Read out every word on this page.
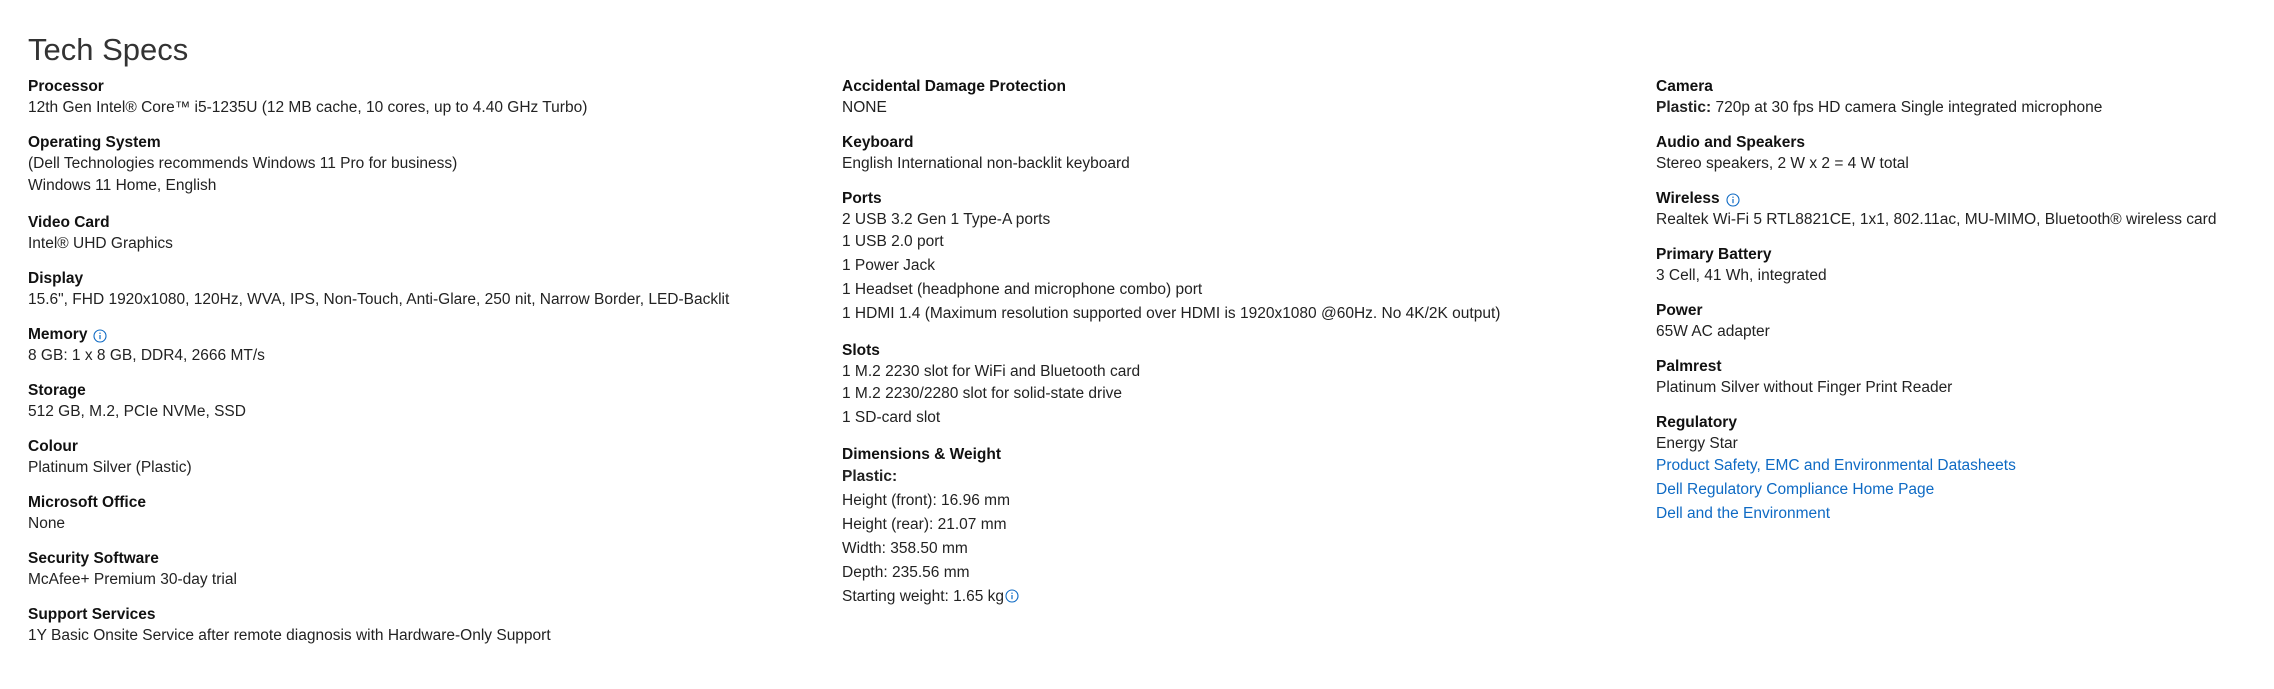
Tech Specs
Processor
12th Gen Intel® Core™ i5-1235U (12 MB cache, 10 cores, up to 4.40 GHz Turbo)
Operating System
(Dell Technologies recommends Windows 11 Pro for business)
Windows 11 Home, English
Video Card
Intel® UHD Graphics
Display
15.6", FHD 1920x1080, 120Hz, WVA, IPS, Non-Touch, Anti-Glare, 250 nit, Narrow Border, LED-Backlit
Memory
8 GB: 1 x 8 GB, DDR4, 2666 MT/s
Storage
512 GB, M.2, PCIe NVMe, SSD
Colour
Platinum Silver (Plastic)
Microsoft Office
None
Security Software
McAfee+ Premium 30-day trial
Support Services
1Y Basic Onsite Service after remote diagnosis with Hardware-Only Support
Accidental Damage Protection
NONE
Keyboard
English International non-backlit keyboard
Ports
2 USB 3.2 Gen 1 Type-A ports
1 USB 2.0 port
1 Power Jack
1 Headset (headphone and microphone combo) port
1 HDMI 1.4 (Maximum resolution supported over HDMI is 1920x1080 @60Hz. No 4K/2K output)
Slots
1 M.2 2230 slot for WiFi and Bluetooth card
1 M.2 2230/2280 slot for solid-state drive
1 SD-card slot
Dimensions & Weight
Plastic:
Height (front): 16.96 mm
Height (rear): 21.07 mm
Width: 358.50 mm
Depth: 235.56 mm
Starting weight: 1.65 kg
Camera
Plastic: 720p at 30 fps HD camera Single integrated microphone
Audio and Speakers
Stereo speakers, 2 W x 2 = 4 W total
Wireless
Realtek Wi-Fi 5 RTL8821CE, 1x1, 802.11ac, MU-MIMO, Bluetooth® wireless card
Primary Battery
3 Cell, 41 Wh, integrated
Power
65W AC adapter
Palmrest
Platinum Silver without Finger Print Reader
Regulatory
Energy Star
Product Safety, EMC and Environmental Datasheets
Dell Regulatory Compliance Home Page
Dell and the Environment
